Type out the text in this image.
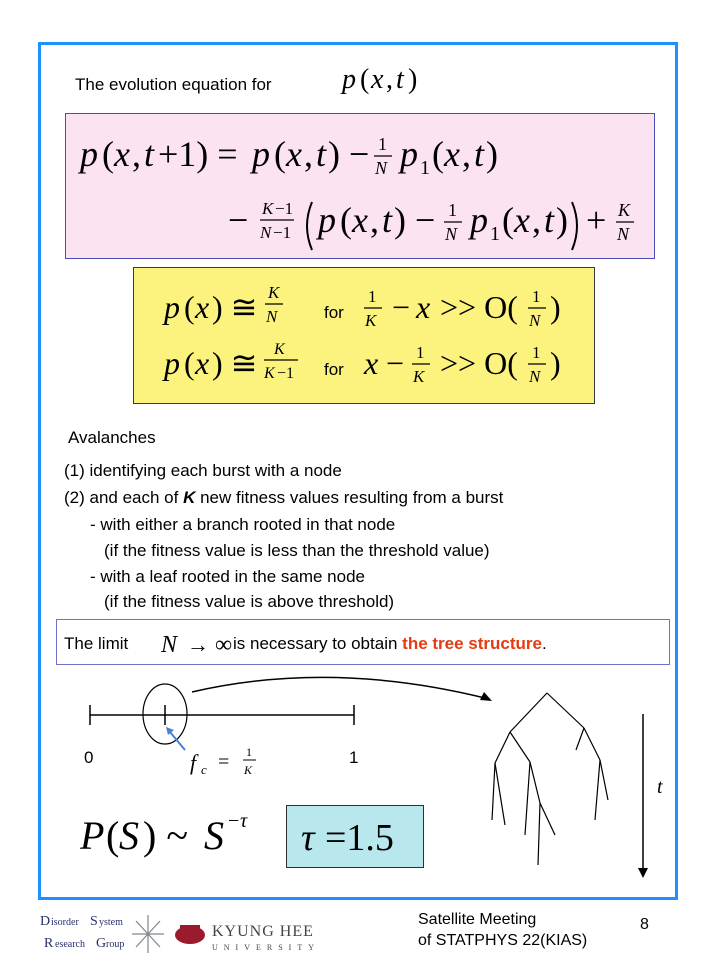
The evolution equation for	p ( x , t )
p ( x , t +1) = p ( x , t ) − 1
N p 1 ( x , t )
− K −1
N −1 p ( x , t ) − 1
N p 1 ( x , t ) + K
N
p ( x ) ≅ K
N
1
K − x >> O( 1
N )
p ( x ) ≅ K
K −1 x − 1
K >> O( 1
N )
for
for
Avalanches
(1) identifying each burst with a node
(2) and each of K new fitness values resulting from a burst
- with either a branch rooted in that node
(if the fitness value is less than the threshold value)
- with a leaf rooted in the same node
(if the fitness value is above threshold)
The limit N → ∞ is necessary to obtain the tree structure.
f c = 1
K
0	1
t
P ( S ) ~ S − τ τ =1.5
D isorder S ystem
R esearch G roup
KYUNG HEE
UNIVERSITY
Satellite Meeting
of STATPHYS 22(KIAS)
8
